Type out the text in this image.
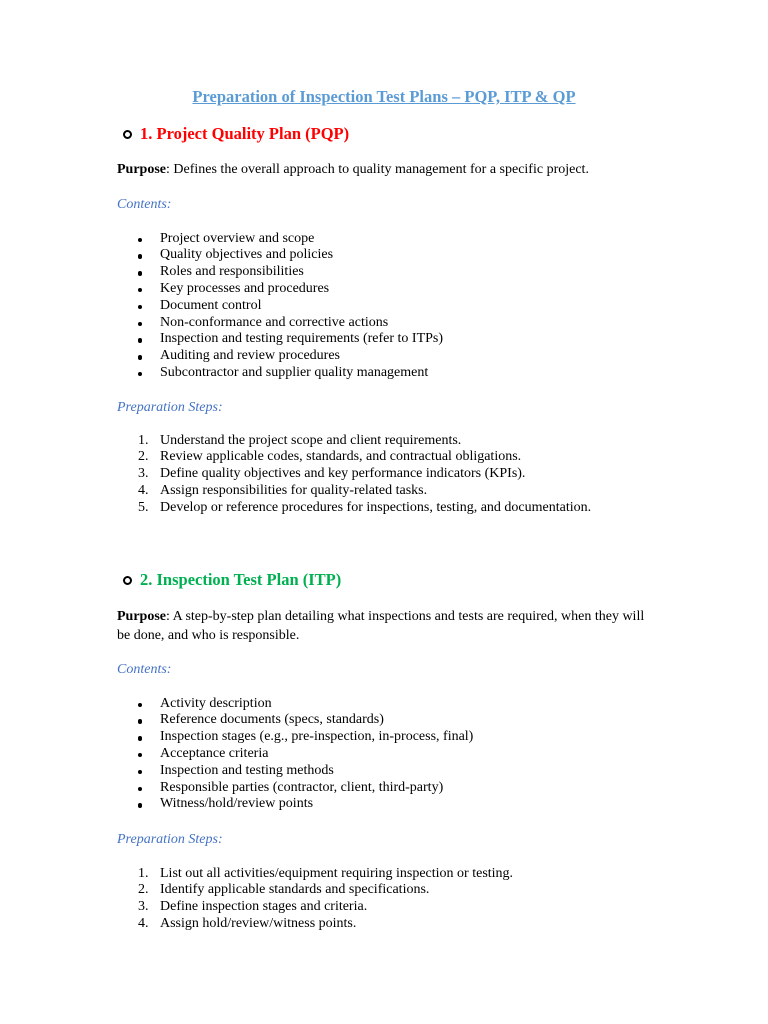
Preparation of Inspection Test Plans – PQP, ITP & QP
1. Project Quality Plan (PQP)
Purpose: Defines the overall approach to quality management for a specific project.
Contents:
Project overview and scope
Quality objectives and policies
Roles and responsibilities
Key processes and procedures
Document control
Non-conformance and corrective actions
Inspection and testing requirements (refer to ITPs)
Auditing and review procedures
Subcontractor and supplier quality management
Preparation Steps:
1. Understand the project scope and client requirements.
2. Review applicable codes, standards, and contractual obligations.
3. Define quality objectives and key performance indicators (KPIs).
4. Assign responsibilities for quality-related tasks.
5. Develop or reference procedures for inspections, testing, and documentation.
2. Inspection Test Plan (ITP)
Purpose: A step-by-step plan detailing what inspections and tests are required, when they will be done, and who is responsible.
Contents:
Activity description
Reference documents (specs, standards)
Inspection stages (e.g., pre-inspection, in-process, final)
Acceptance criteria
Inspection and testing methods
Responsible parties (contractor, client, third-party)
Witness/hold/review points
Preparation Steps:
1. List out all activities/equipment requiring inspection or testing.
2. Identify applicable standards and specifications.
3. Define inspection stages and criteria.
4. Assign hold/review/witness points.
